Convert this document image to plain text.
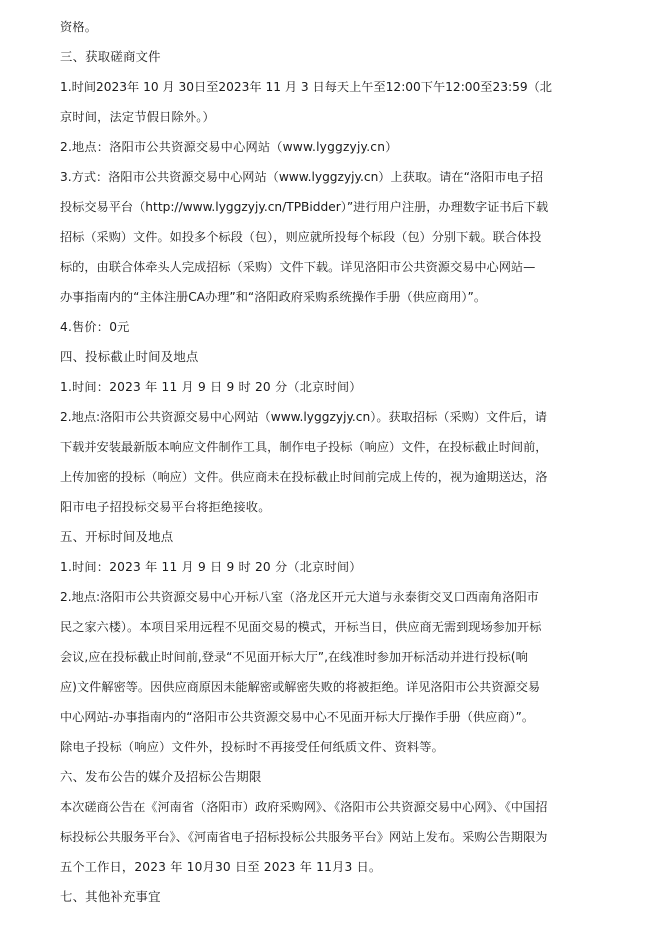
资格。
三、获取磋商文件
1.时间2023年 10 月 30日至2023年 11 月 3 日每天上午至12:00下午12:00至23:59（北
京时间，法定节假日除外。）
2.地点：洛阳市公共资源交易中心网站（www.lyggzyjy.cn）
3.方式：洛阳市公共资源交易中心网站（www.lyggzyjy.cn）上获取。请在“洛阳市电子招
投标交易平台（http://www.lyggzyjy.cn/TPBidder）”进行用户注册，办理数字证书后下载
招标（采购）文件。如投多个标段（包），则应就所投每个标段（包）分别下载。联合体投
标的，由联合体牵头人完成招标（采购）文件下载。详见洛阳市公共资源交易中心网站—
办事指南内的“主体注册CA办理”和“洛阳政府采购系统操作手册（供应商用）”。
4.售价：0元
四、投标截止时间及地点
1.时间：2023 年 11 月 9 日 9 时 20 分（北京时间）
2.地点:洛阳市公共资源交易中心网站（www.lyggzyjy.cn）。获取招标（采购）文件后，请
下载并安装最新版本响应文件制作工具，制作电子投标（响应）文件，在投标截止时间前，
上传加密的投标（响应）文件。供应商未在投标截止时间前完成上传的，视为逾期送达，洛
阳市电子招投标交易平台将拒绝接收。
五、开标时间及地点
1.时间：2023 年 11 月 9 日 9 时 20 分（北京时间）
2.地点:洛阳市公共资源交易中心开标八室（洛龙区开元大道与永泰街交叉口西南角洛阳市
民之家六楼）。本项目采用远程不见面交易的模式，开标当日，供应商无需到现场参加开标
会议,应在投标截止时间前,登录“不见面开标大厅”,在线准时参加开标活动并进行投标(响
应)文件解密等。因供应商原因未能解密或解密失败的将被拒绝。详见洛阳市公共资源交易
中心网站-办事指南内的“洛阳市公共资源交易中心不见面开标大厅操作手册（供应商）”。
除电子投标（响应）文件外，投标时不再接受任何纸质文件、资料等。
六、发布公告的媒介及招标公告期限
本次磋商公告在《河南省（洛阳市）政府采购网》、《洛阳市公共资源交易中心网》、《中国招
标投标公共服务平台》、《河南省电子招标投标公共服务平台》网站上发布。采购公告期限为
五个工作日，2023 年 10月30 日至 2023 年 11月3 日。
七、其他补充事宜
